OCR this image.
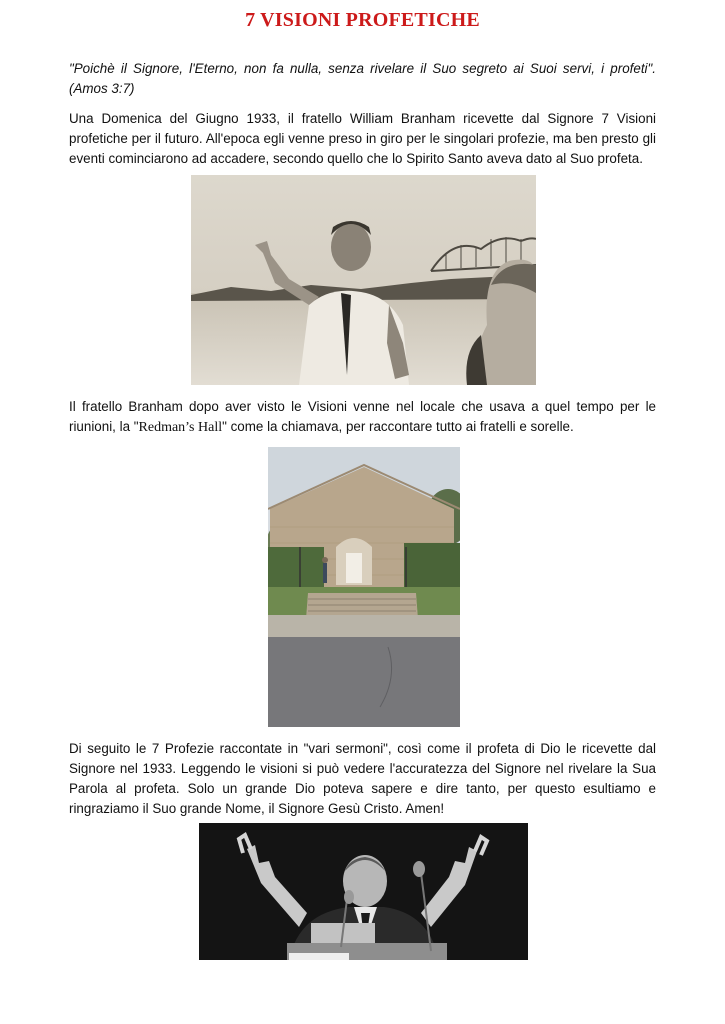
7 VISIONI PROFETICHE

"Poichè il Signore, l'Eterno, non fa nulla, senza rivelare il Suo segreto ai Suoi servi, i profeti".
(Amos 3:7)

Una Domenica del Giugno 1933, il fratello William Branham ricevette dal Signore 7 Visioni
profetiche per il futuro. All'epoca egli venne preso in giro per le singolari profezie, ma ben presto gli
eventi cominciarono ad accadere, secondo quello che lo Spirito Santo aveva dato al Suo profeta.

Il fratello Branham dopo aver visto le Visioni venne nel locale che usava a quel tempo per le
riunioni, la "Redman’s Hall" come la chiamava, per raccontare tutto ai fratelli e sorelle.

Di seguito le 7 Profezie raccontate in "vari sermoni", così come il profeta di Dio le ricevette dal
Signore nel 1933. Leggendo le visioni si può vedere l'accuratezza del Signore nel rivelare la Sua
Parola al profeta. Solo un grande Dio poteva sapere e dire tanto, per questo esultiamo e
ringraziamo il Suo grande Nome, il Signore Gesù Cristo. Amen!
